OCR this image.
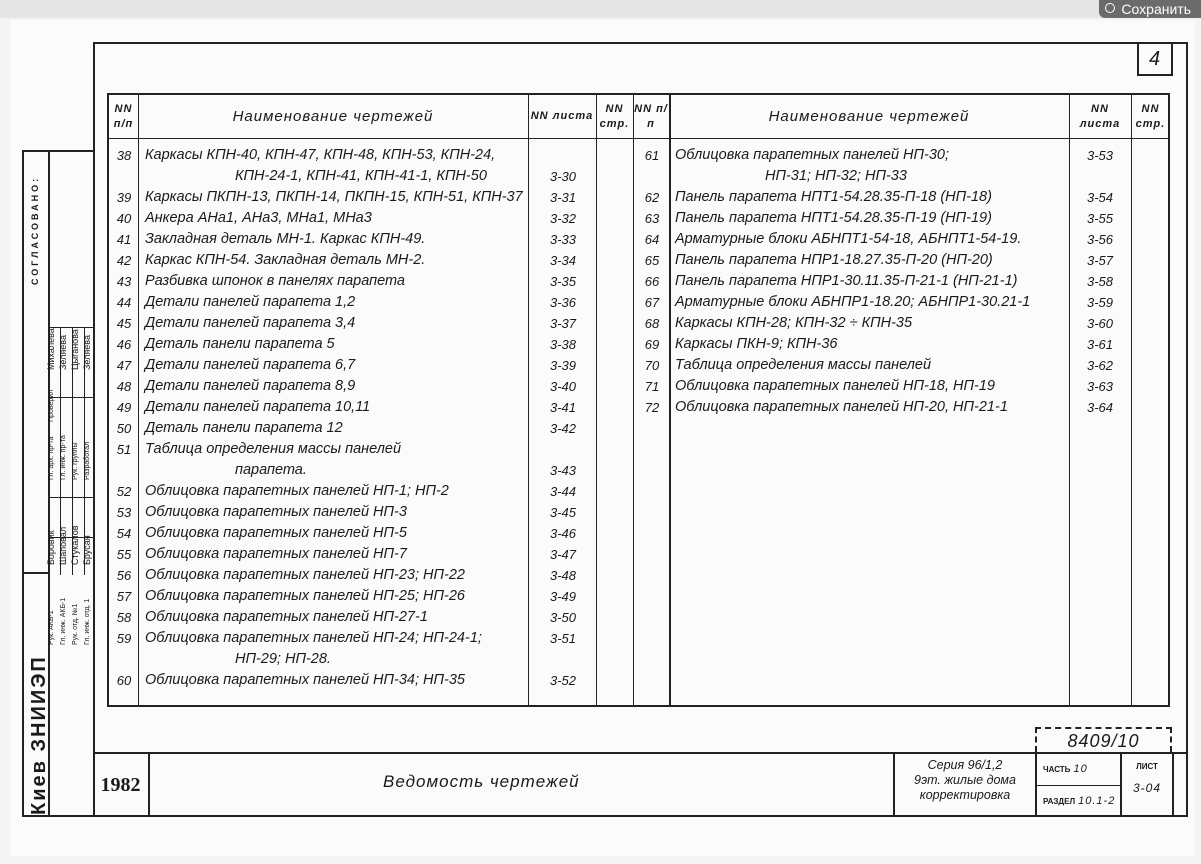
Сохранить
4
NN п/п	Наименование чертежей	NN листа
NN стр.
NN п/п	Наименование чертежей	NN листа
NN стр.
38 Каркасы КПН-40, КПН-47, КПН-48, КПН-53, КПН-24,
КПН-24-1, КПН-41, КПН-41-1, КПН-50	3-30
39 Каркасы ПКПН-13, ПКПН-14, ПКПН-15, КПН-51, КПН-37	3-31
40 Анкера АНа1, АНа3, МНа1, МНа3	3-32
41 Закладная деталь МН-1. Каркас КПН-49.	3-33
42 Каркас КПН-54. Закладная деталь МН-2.	3-34
43 Разбивка шпонок в панелях парапета	3-35
44 Детали панелей парапета 1,2	3-36
45 Детали панелей парапета 3,4	3-37
46 Деталь панели парапета 5	3-38
47 Детали панелей парапета 6,7	3-39
48 Детали панелей парапета 8,9	3-40
49 Детали панелей парапета 10,11	3-41
50 Деталь панели парапета 12	3-42
51 Таблица определения массы панелей
парапета.	3-43
52 Облицовка парапетных панелей НП-1; НП-2	3-44
53 Облицовка парапетных панелей НП-3	3-45
54 Облицовка парапетных панелей НП-5	3-46
55 Облицовка парапетных панелей НП-7	3-47
56 Облицовка парапетных панелей НП-23; НП-22	3-48
57 Облицовка парапетных панелей НП-25; НП-26	3-49
58 Облицовка парапетных панелей НП-27-1	3-50
59 Облицовка парапетных панелей НП-24; НП-24-1;
НП-29; НП-28.
3-51
60 Облицовка парапетных панелей НП-34; НП-35	3-52
61	Облицовка парапетных панелей НП-30;
НП-31; НП-32; НП-33
3-53
62	Панель парапета НПТ1-54.28.35-П-18 (НП-18)	3-54
63	Панель парапета НПТ1-54.28.35-П-19 (НП-19)	3-55
64	Арматурные блоки АБНПТ1-54-18, АБНПТ1-54-19.	3-56
65	Панель парапета НПР1-18.27.35-П-20 (НП-20)	3-57
66	Панель парапета НПР1-30.11.35-П-21-1 (НП-21-1)	3-58
67	Арматурные блоки АБНПР1-18.20; АБНПР1-30.21-1	3-59
68	Каркасы КПН-28; КПН-32 ÷ КПН-35	3-60
69	Каркасы ПКН-9; КПН-36	3-61
70	Таблица определения массы панелей	3-62
71	Облицовка парапетных панелей НП-18, НП-19	3-63
72	Облицовка парапетных панелей НП-20, НП-21-1	3-64
Киев ЗНИИЭП
СОГЛАСОВАНО:
Рук. АКБ-1 Гл. инж. АКБ-1 Рук. отд. №1 Гл. инж. отд. 1
Боровик Шаповал Стукалов Брусан
Гл. арх. пр-та Гл. инж. пр-та Рук. группы Разработал
Проверил
Михалева Зеляева Цыганова Зеляева
8409/10
1982	Ведомость чертежей
Серия 96/1,2
9эт. жилые дома
корректировка
ЧАСТЬ 10
РАЗДЕЛ 10.1-2
ЛИСТ
3-04
